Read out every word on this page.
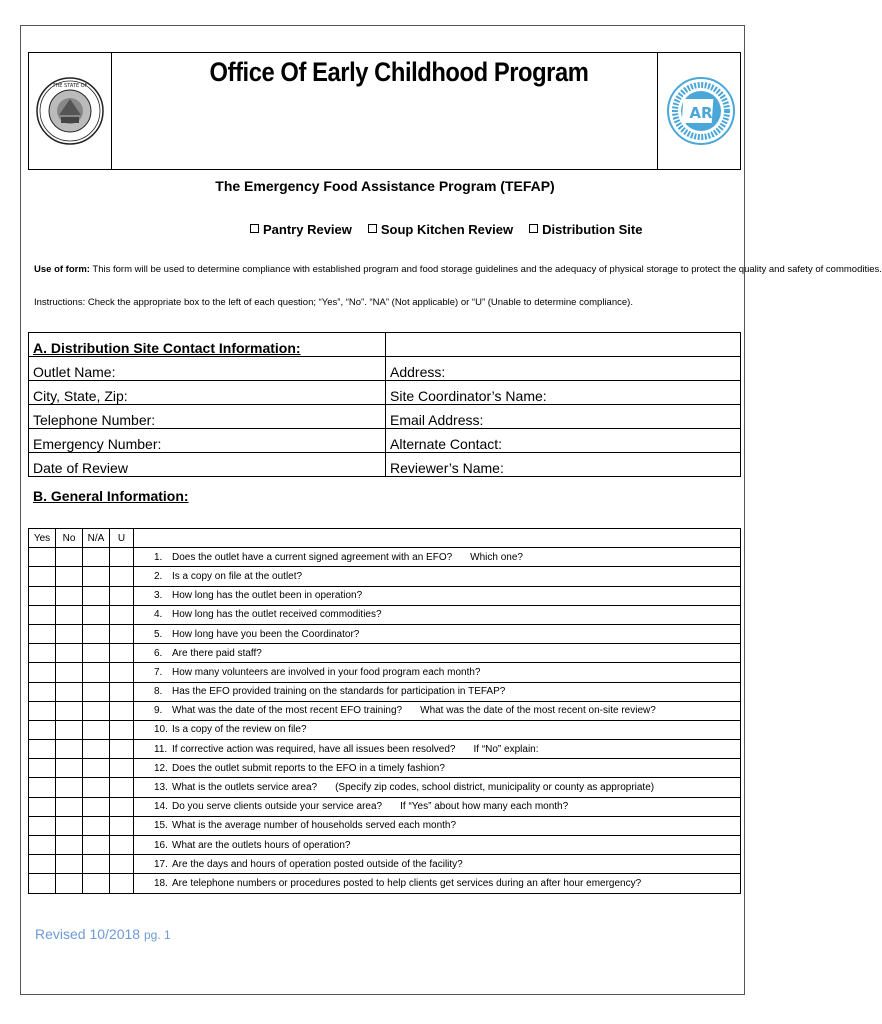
THE STATE OF	Office Of Early Childhood Program
AR
The Emergency Food Assistance Program (TEFAP)
Pantry Review	Soup Kitchen Review	Distribution Site
Use of form: This form will be used to determine compliance with established program and food storage guidelines and the adequacy of physical storage to protect the quality and safety of commodities.
Instructions: Check the appropriate box to the left of each question; “Yes”, “No”. “NA” (Not applicable) or “U” (Unable to determine compliance).
A. Distribution Site Contact Information:	
Outlet Name:	Address:
City, State, Zip:	Site Coordinator’s Name:
Telephone Number:	Email Address:
Emergency Number:	Alternate Contact:
Date of Review	Reviewer’s Name:
B. General Information:
Yes	No	N/A	U	
				1. Does the outlet have a current signed agreement with an EFO? Which one?
				2. Is a copy on file at the outlet?
				3. How long has the outlet been in operation?
				4. How long has the outlet received commodities?
				5. How long have you been the Coordinator?
				6. Are there paid staff?
				7. How many volunteers are involved in your food program each month?
				8. Has the EFO provided training on the standards for participation in TEFAP?
				9. What was the date of the most recent EFO training? What was the date of the most recent on-site review?
				10. Is a copy of the review on file?
				11. If corrective action was required, have all issues been resolved? If “No” explain:
				12. Does the outlet submit reports to the EFO in a timely fashion?
				13. What is the outlets service area? (Specify zip codes, school district, municipality or county as appropriate)
				14. Do you serve clients outside your service area? If “Yes” about how many each month?
				15. What is the average number of households served each month?
				16. What are the outlets hours of operation?
				17. Are the days and hours of operation posted outside of the facility?
				18. Are telephone numbers or procedures posted to help clients get services during an after hour emergency?
Revised 10/2018 pg. 1
